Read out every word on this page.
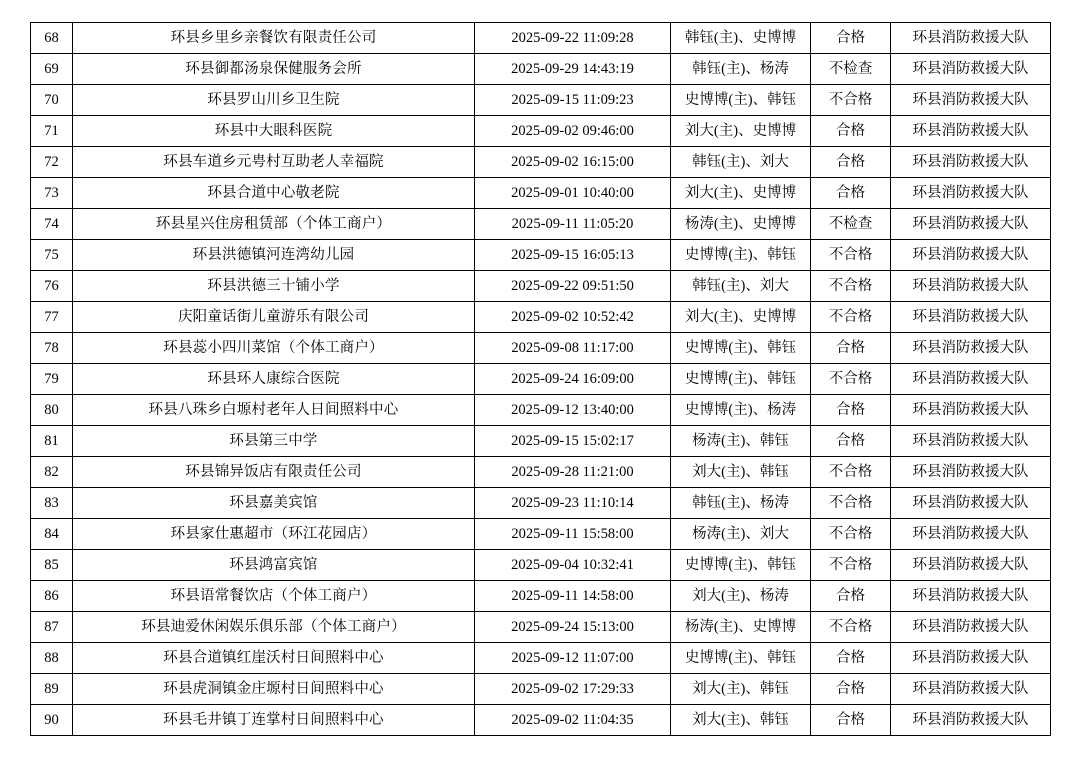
68	环县乡里乡亲餐饮有限责任公司	2025-09-22 11:09:28	韩钰(主)、史博博	合格	环县消防救援大队
69	环县御都汤泉保健服务会所	2025-09-29 14:43:19	韩钰(主)、杨涛	不检查	环县消防救援大队
70	环县罗山川乡卫生院	2025-09-15 11:09:23	史博博(主)、韩钰	不合格	环县消防救援大队
71	环县中大眼科医院	2025-09-02 09:46:00	刘大(主)、史博博	合格	环县消防救援大队
72	环县车道乡元甹村互助老人幸福院	2025-09-02 16:15:00	韩钰(主)、刘大	合格	环县消防救援大队
73	环县合道中心敬老院	2025-09-01 10:40:00	刘大(主)、史博博	合格	环县消防救援大队
74	环县星兴住房租赁部（个体工商户）	2025-09-11 11:05:20	杨涛(主)、史博博	不检查	环县消防救援大队
75	环县洪德镇河连湾幼儿园	2025-09-15 16:05:13	史博博(主)、韩钰	不合格	环县消防救援大队
76	环县洪德三十铺小学	2025-09-22 09:51:50	韩钰(主)、刘大	不合格	环县消防救援大队
77	庆阳童话街儿童游乐有限公司	2025-09-02 10:52:42	刘大(主)、史博博	不合格	环县消防救援大队
78	环县蕊小四川菜馆（个体工商户）	2025-09-08 11:17:00	史博博(主)、韩钰	合格	环县消防救援大队
79	环县环人康综合医院	2025-09-24 16:09:00	史博博(主)、韩钰	不合格	环县消防救援大队
80	环县八珠乡白塬村老年人日间照料中心	2025-09-12 13:40:00	史博博(主)、杨涛	合格	环县消防救援大队
81	环县第三中学	2025-09-15 15:02:17	杨涛(主)、韩钰	合格	环县消防救援大队
82	环县锦异饭店有限责任公司	2025-09-28 11:21:00	刘大(主)、韩钰	不合格	环县消防救援大队
83	环县嘉美宾馆	2025-09-23 11:10:14	韩钰(主)、杨涛	不合格	环县消防救援大队
84	环县家仕惠超市（环江花园店）	2025-09-11 15:58:00	杨涛(主)、刘大	不合格	环县消防救援大队
85	环县鸿富宾馆	2025-09-04 10:32:41	史博博(主)、韩钰	不合格	环县消防救援大队
86	环县语常餐饮店（个体工商户）	2025-09-11 14:58:00	刘大(主)、杨涛	合格	环县消防救援大队
87	环县迪爱休闲娱乐俱乐部（个体工商户）	2025-09-24 15:13:00	杨涛(主)、史博博	不合格	环县消防救援大队
88	环县合道镇红崖沃村日间照料中心	2025-09-12 11:07:00	史博博(主)、韩钰	合格	环县消防救援大队
89	环县虎洞镇金庄塬村日间照料中心	2025-09-02 17:29:33	刘大(主)、韩钰	合格	环县消防救援大队
90	环县毛井镇丁连掌村日间照料中心	2025-09-02 11:04:35	刘大(主)、韩钰	合格	环县消防救援大队
